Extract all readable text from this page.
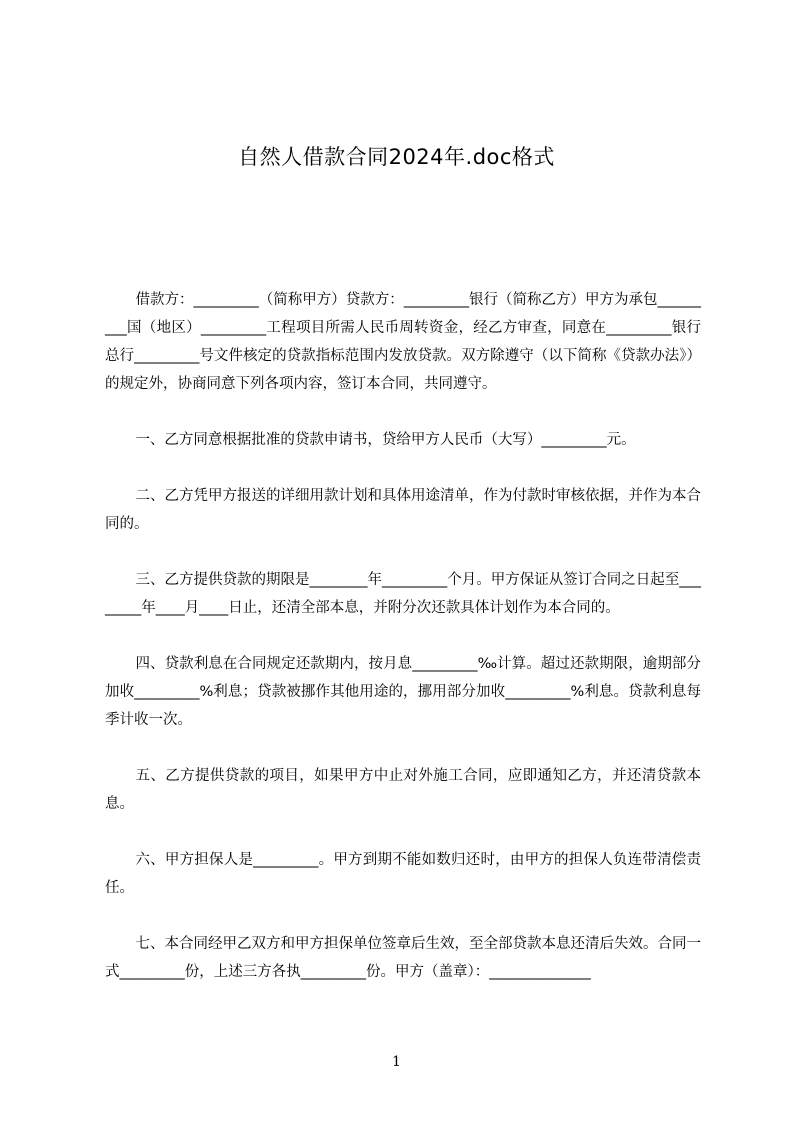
自然人借款合同2024年.doc格式

借款方：_________（简称甲方）贷款方：_________银行（简称乙方）甲方为承包_________国（地区）_________工程项目所需人民币周转资金，经乙方审查，同意在_________银行总行_________号文件核定的贷款指标范围内发放贷款。双方除遵守（以下简称《贷款办法》）的规定外，协商同意下列各项内容，签订本合同，共同遵守。

一、乙方同意根据批准的贷款申请书，贷给甲方人民币（大写）_________元。

二、乙方凭甲方报送的详细用款计划和具体用途清单，作为付款时审核依据，并作为本合同的。

三、乙方提供贷款的期限是________年_________个月。甲方保证从签订合同之日起至________年____月____日止，还清全部本息，并附分次还款具体计划作为本合同的。

四、贷款利息在合同规定还款期内，按月息_________‰计算。超过还款期限，逾期部分加收_________%利息；贷款被挪作其他用途的，挪用部分加收_________%利息。贷款利息每季计收一次。

五、乙方提供贷款的项目，如果甲方中止对外施工合同，应即通知乙方，并还清贷款本息。

六、甲方担保人是_________。甲方到期不能如数归还时，由甲方的担保人负连带清偿责任。

七、本合同经甲乙双方和甲方担保单位签章后生效，至全部贷款本息还清后失效。合同一式_________份，上述三方各执_________份。甲方（盖章）：______________

1
